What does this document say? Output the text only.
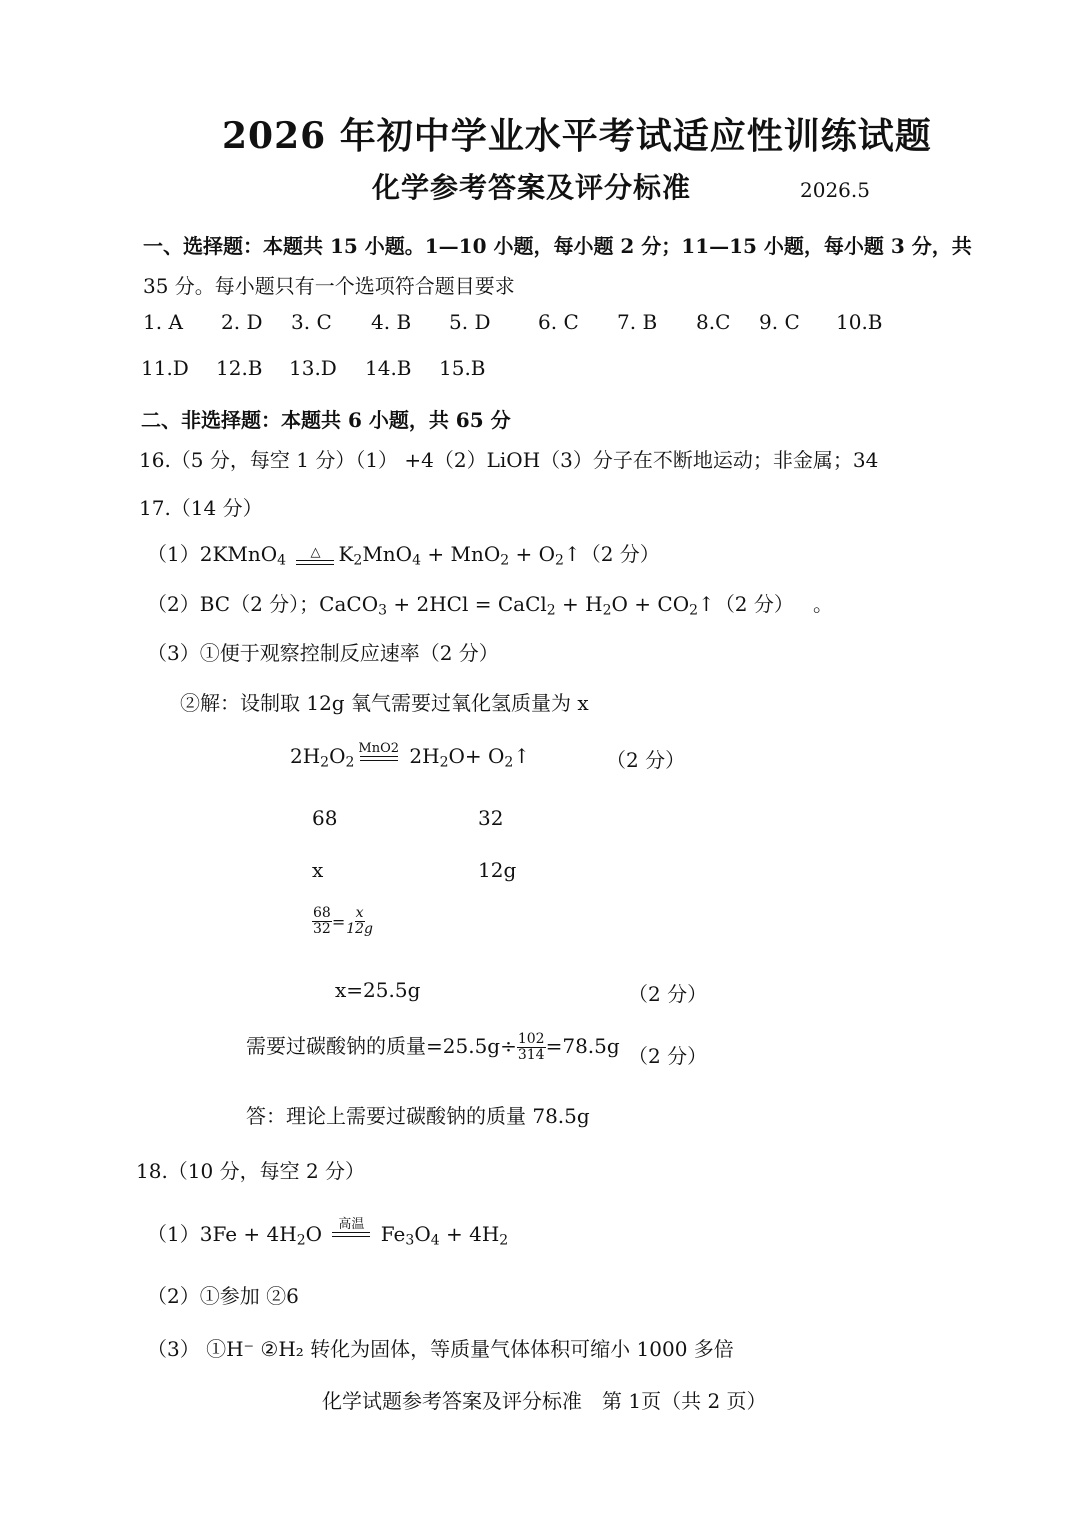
2026 年初中学业水平考试适应性训练试题
化学参考答案及评分标准	2026.5
一、选择题：本题共 15 小题。1—10 小题，每小题 2 分；11—15 小题，每小题 3 分，共
35 分。每小题只有一个选项符合题目要求
1. A 2. D 3. C 4. B 5. D 6. C 7. B 8.C 9. C 10.B
11.D 12.B 13.D 14.B 15.B
二、非选择题：本题共 6 小题，共 65 分
16.（5 分，每空 1 分）（1） +4（2）LiOH（3）分子在不断地运动；非金属；34
17.（14 分）
（1）2KMnO$_4$ △ $K_2MnO_4 + MnO_2$ + $O_2↑(2$ 分）
（2）BC（2 分）；CaCO$_3$ + 2HCl = CaCl$_2$ + $H_2O$ + $CO_2↑(2$ 分） 。
（3）①便于观察控制反应速率（2 分）
②解：设制取 12g 氧气需要过氧化氢质量为 x
$2H_2O_2$
MnO2 $2H_2O+$ $O_2↑$	（2 分）
68	32
x	12g
$\frac{68}{32} = \frac{x}{12g}$
x=25.5g	（2 分）
需要过碳酸钠的质量$=25.5g\div \frac{102}{314} =78.5g$ （2 分）
答：理论上需要过碳酸钠的质量 78.5g
18.（10 分，每空 2 分）
$(1)3Fe + 4H_2O$ 高温 $Fe_3O_4 + 4H_2$
（2）①参加 ②6
（3） ①H⁻ ②H₂ 转化为固体，等质量气体体积可缩小 1000 多倍
化学试题参考答案及评分标准　第 1页（共 2 页）
